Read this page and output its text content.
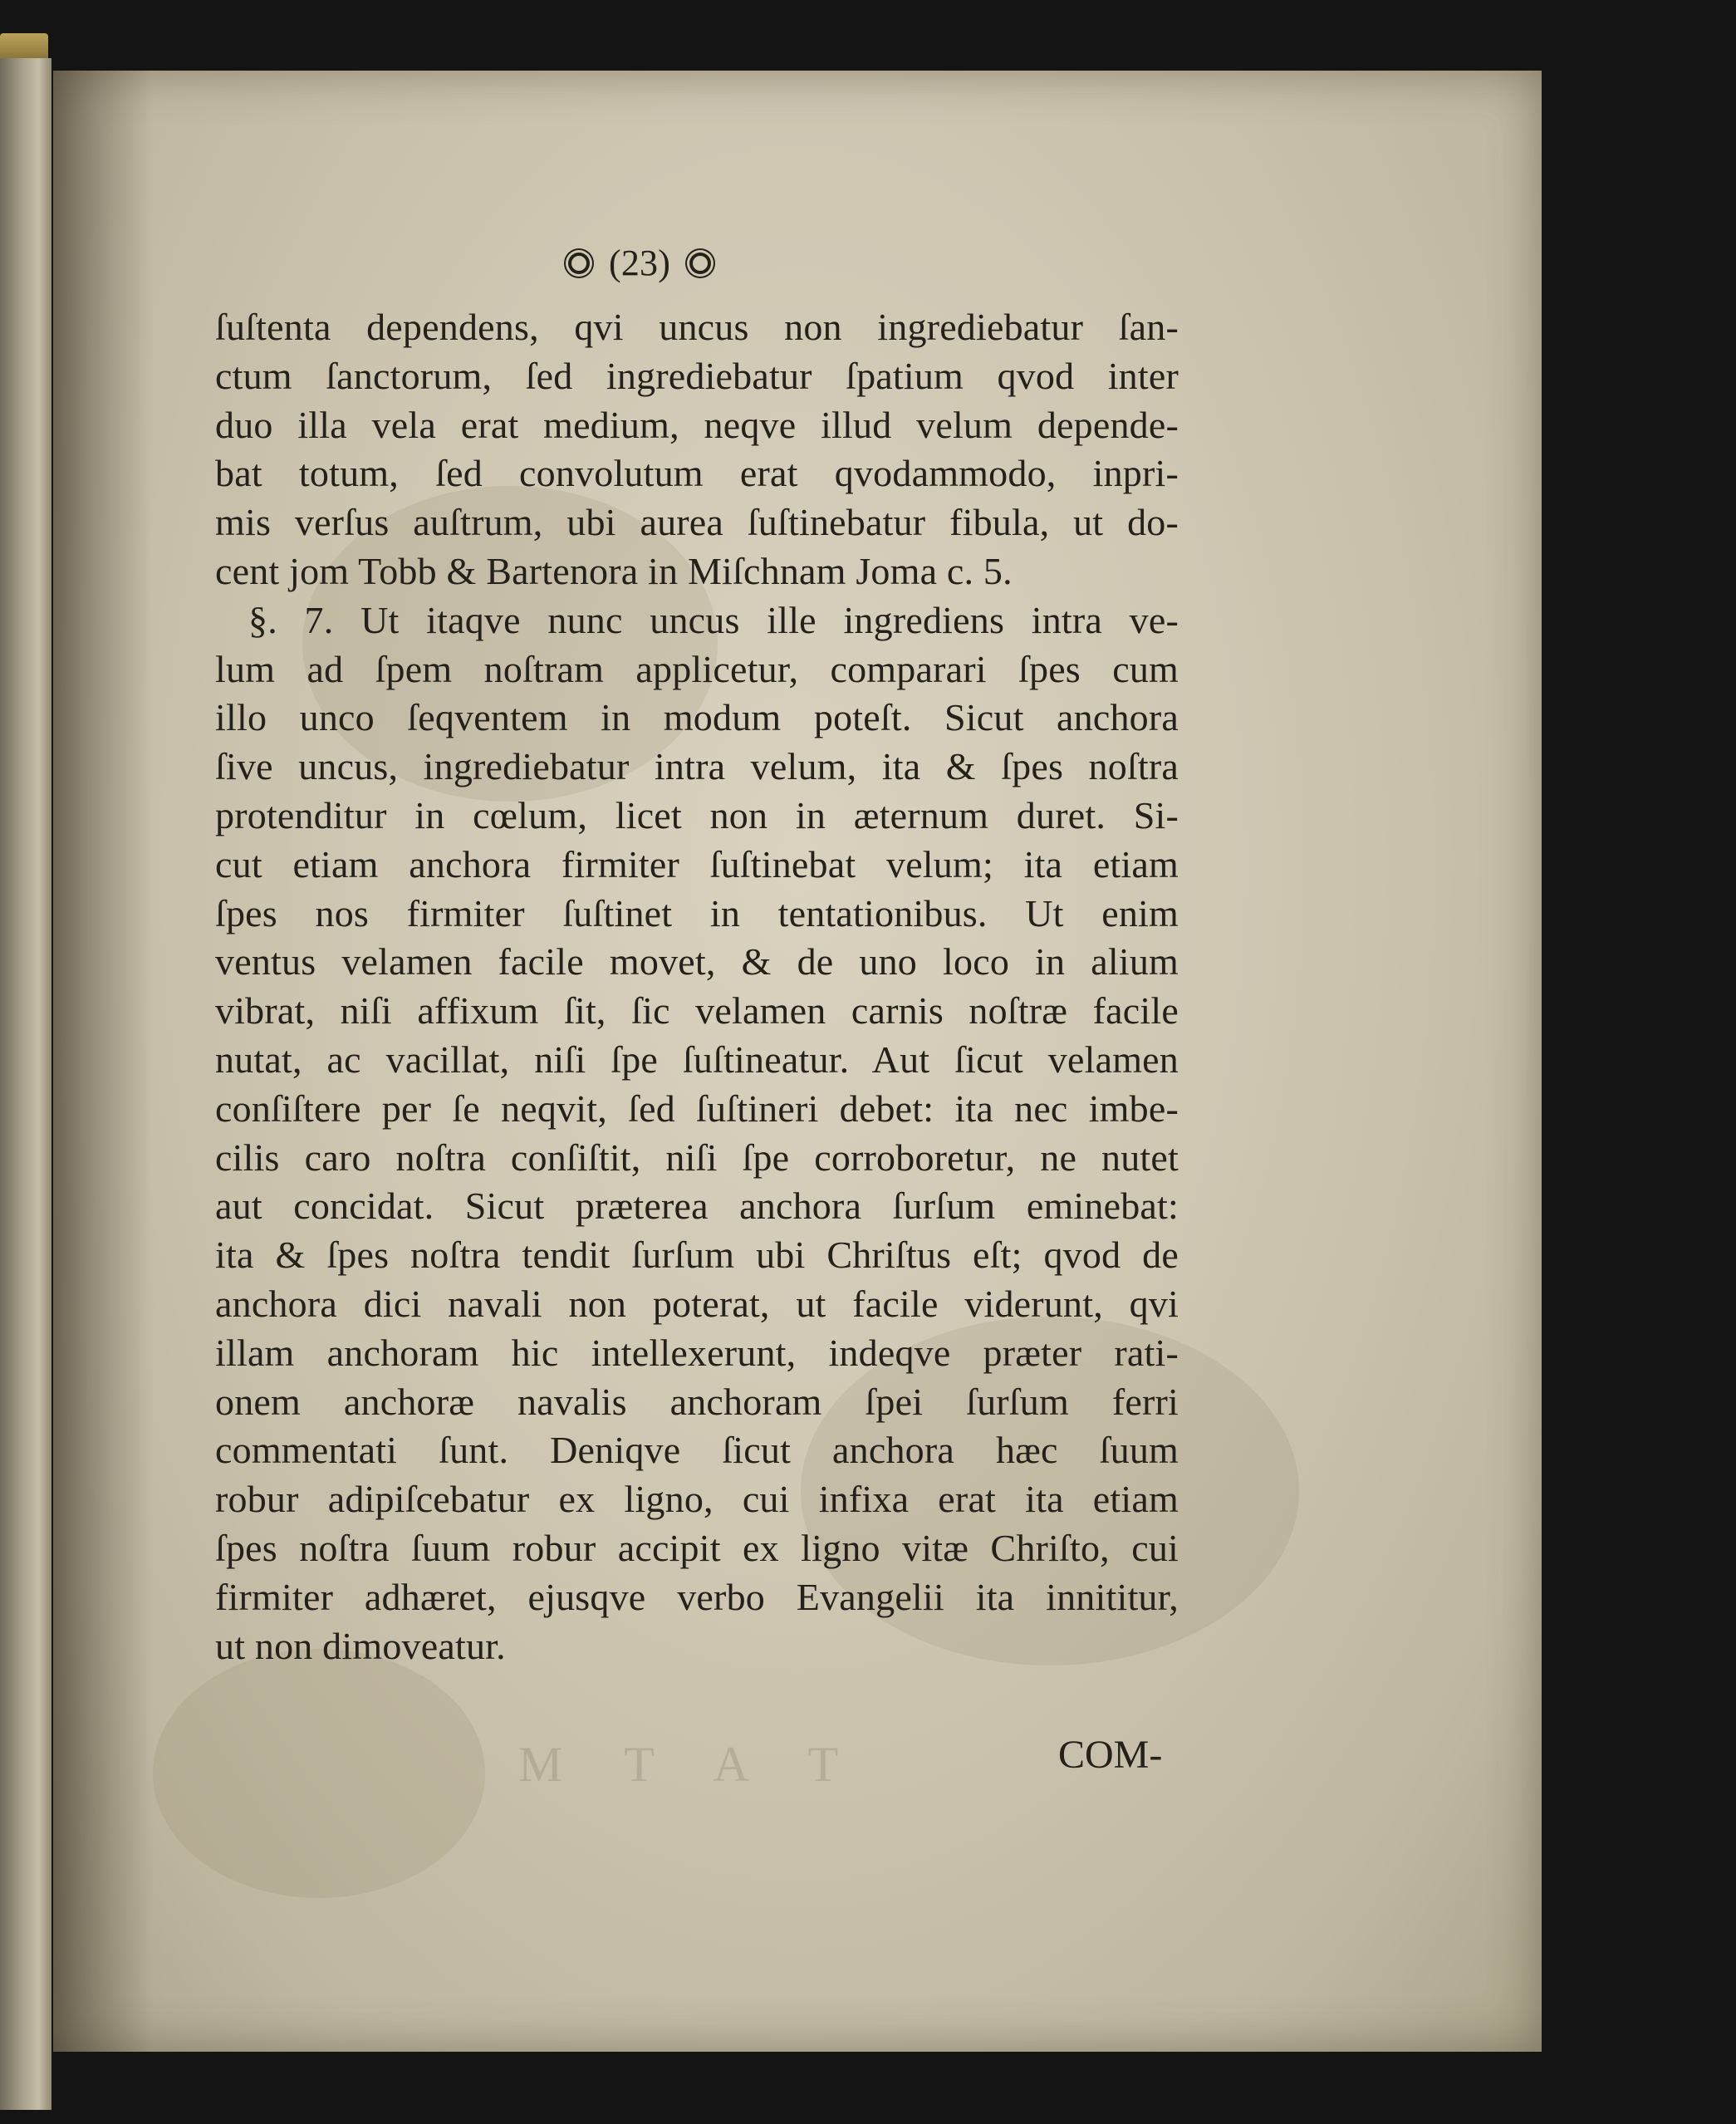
M T A T
(23)
ſuſtenta dependens, qvi uncus non ingrediebatur ſan-
ctum ſanctorum, ſed ingrediebatur ſpatium qvod inter
duo illa vela erat medium, neqve illud velum depende-
bat totum, ſed convolutum erat qvodammodo, inpri-
mis verſus auſtrum, ubi aurea ſuſtinebatur fibula, ut do-
cent jom Tobb & Bartenora in Miſchnam Joma c. 5.
§. 7. Ut itaqve nunc uncus ille ingrediens intra ve-
lum ad ſpem noſtram applicetur, comparari ſpes cum
illo unco ſeqventem in modum poteſt. Sicut anchora
ſive uncus, ingrediebatur intra velum, ita & ſpes noſtra
protenditur in cœlum, licet non in æternum duret. Si-
cut etiam anchora firmiter ſuſtinebat velum; ita etiam
ſpes nos firmiter ſuſtinet in tentationibus. Ut enim
ventus velamen facile movet, & de uno loco in alium
vibrat, niſi affixum ſit, ſic velamen carnis noſtræ facile
nutat, ac vacillat, niſi ſpe ſuſtineatur. Aut ſicut velamen
conſiſtere per ſe neqvit, ſed ſuſtineri debet: ita nec imbe-
cilis caro noſtra conſiſtit, niſi ſpe corroboretur, ne nutet
aut concidat. Sicut præterea anchora ſurſum eminebat:
ita & ſpes noſtra tendit ſurſum ubi Chriſtus eſt; qvod de
anchora dici navali non poterat, ut facile viderunt, qvi
illam anchoram hic intellexerunt, indeqve præter rati-
onem anchoræ navalis anchoram ſpei ſurſum ferri
commentati ſunt. Deniqve ſicut anchora hæc ſuum
robur adipiſcebatur ex ligno, cui infixa erat ita etiam
ſpes noſtra ſuum robur accipit ex ligno vitæ Chriſto, cui
firmiter adhæret, ejusqve verbo Evangelii ita innititur,
ut non dimoveatur.
COM-
